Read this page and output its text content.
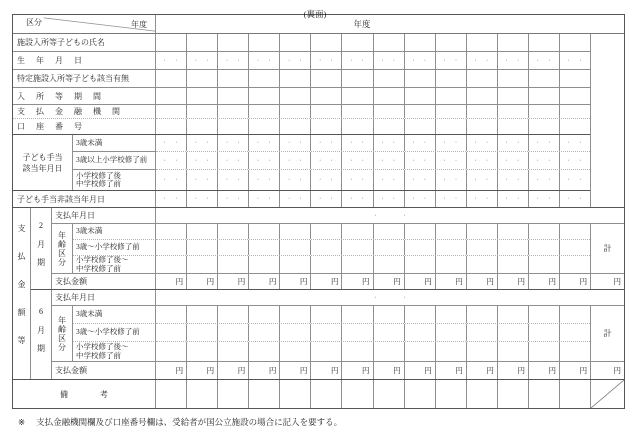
(裏面)
区分	年度	年度
施設入所等子どもの氏名
生 年 月 日	· ·	· ·	· ·	· ·	· ·	· ·	· ·	· ·	· ·	· ·	· ·	· ·	· ·	· ·
特定施設入所等子ども該当有無
入 所 等 期 間
支 払 金 融 機 関
口 座 番 号
子ども手当
該当年月日
3歳未満	· ·	· ·	· ·	· ·	· ·	· ·	· ·	· ·	· ·	· ·	· ·	· ·	· ·	· ·
3歳以上小学校修了前	· ·	· ·	· ·	· ·	· ·	· ·	· ·	· ·	· ·	· ·	· ·	· ·	· ·	· ·
小学校修了後
中学校修了前	· ·	· ·	· ·	· ·	· ·	· ·	· ·	· ·	· ·	· ·	· ·	· ·	· ·	· ·
子ども手当非該当年月日	· ·	· ·	· ·	· ·	· ·	· ·	· ·	· ·	· ·	· ·	· ·	· ·	· ·	· ·
支払金額等 2月期
支払年月日	· ·
計
年齢区分 3歳未満
3歳～小学校修了前
小学校修了後～
中学校修了前
支払金額	円	円	円	円	円	円	円	円	円	円	円	円	円	円	円
6月期
支払年月日	· ·
計
年齢区分
3歳未満
3歳～小学校修了前
小学校修了後～
中学校修了前
支払金額	円	円	円	円	円	円	円	円	円	円	円	円	円	円	円
備 考
※ 支払金融機関欄及び口座番号欄は、受給者が国公立施設の場合に記入を要する。
